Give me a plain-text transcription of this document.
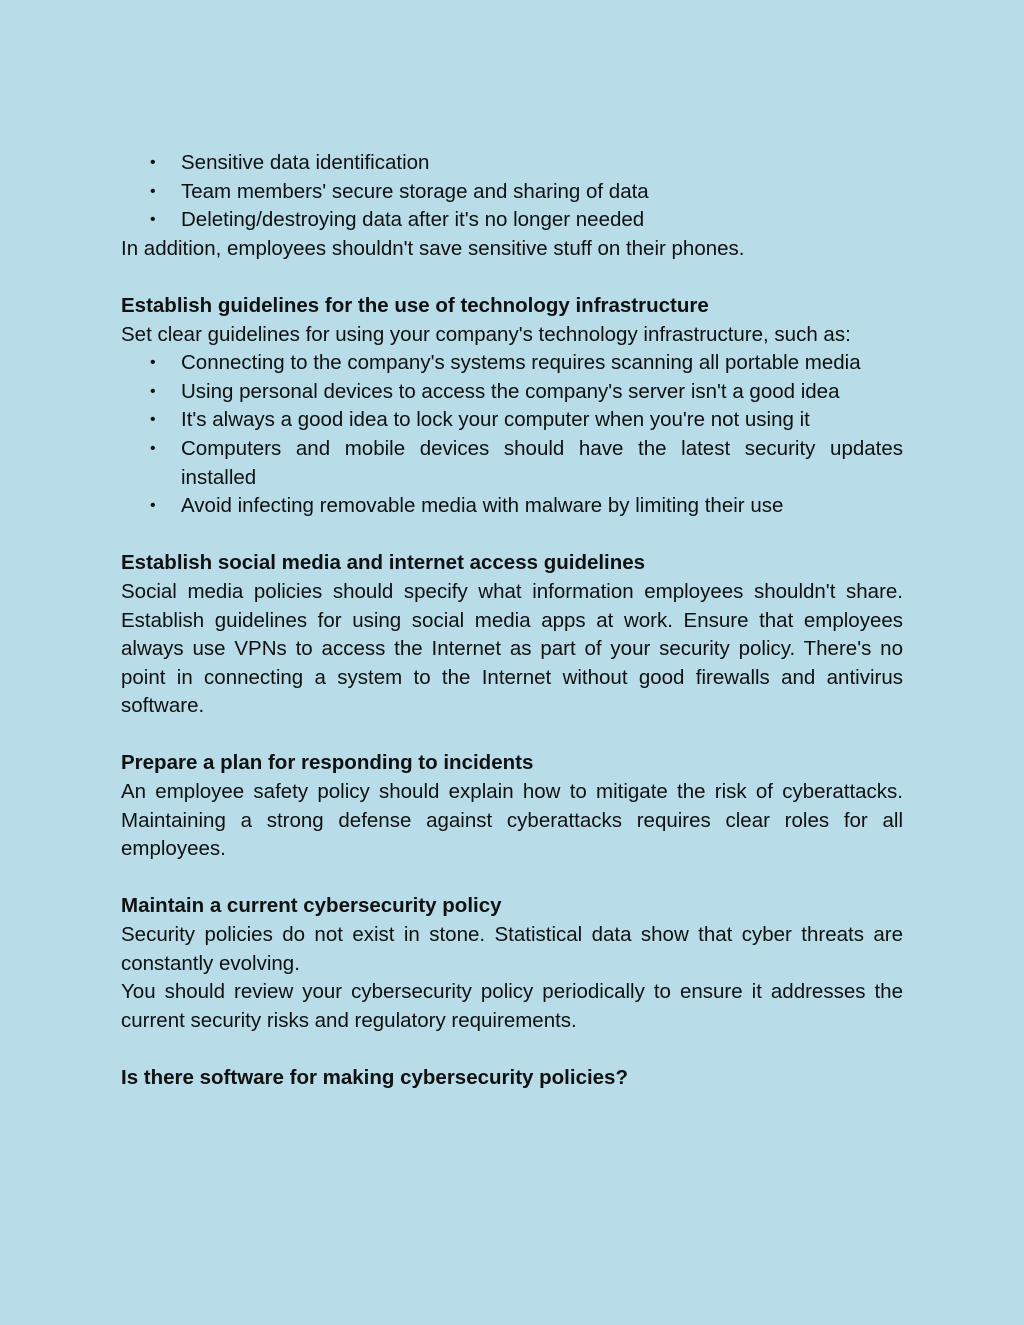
• Sensitive data identification
• Team members' secure storage and sharing of data
• Deleting/destroying data after it's no longer needed

In addition, employees shouldn't save sensitive stuff on their phones.

Establish guidelines for the use of technology infrastructure

Set clear guidelines for using your company's technology infrastructure, such as:

• Connecting to the company's systems requires scanning all portable media
• Using personal devices to access the company's server isn't a good idea
• It's always a good idea to lock your computer when you're not using it
• Computers and mobile devices should have the latest security updates installed
• Avoid infecting removable media with malware by limiting their use

Establish social media and internet access guidelines

Social media policies should specify what information employees shouldn't share. Establish guidelines for using social media apps at work. Ensure that employees always use VPNs to access the Internet as part of your security policy. There's no point in connecting a system to the Internet without good firewalls and antivirus software.

Prepare a plan for responding to incidents

An employee safety policy should explain how to mitigate the risk of cyberattacks. Maintaining a strong defense against cyberattacks requires clear roles for all employees.

Maintain a current cybersecurity policy

Security policies do not exist in stone. Statistical data show that cyber threats are constantly evolving.

You should review your cybersecurity policy periodically to ensure it addresses the current security risks and regulatory requirements.

Is there software for making cybersecurity policies?
